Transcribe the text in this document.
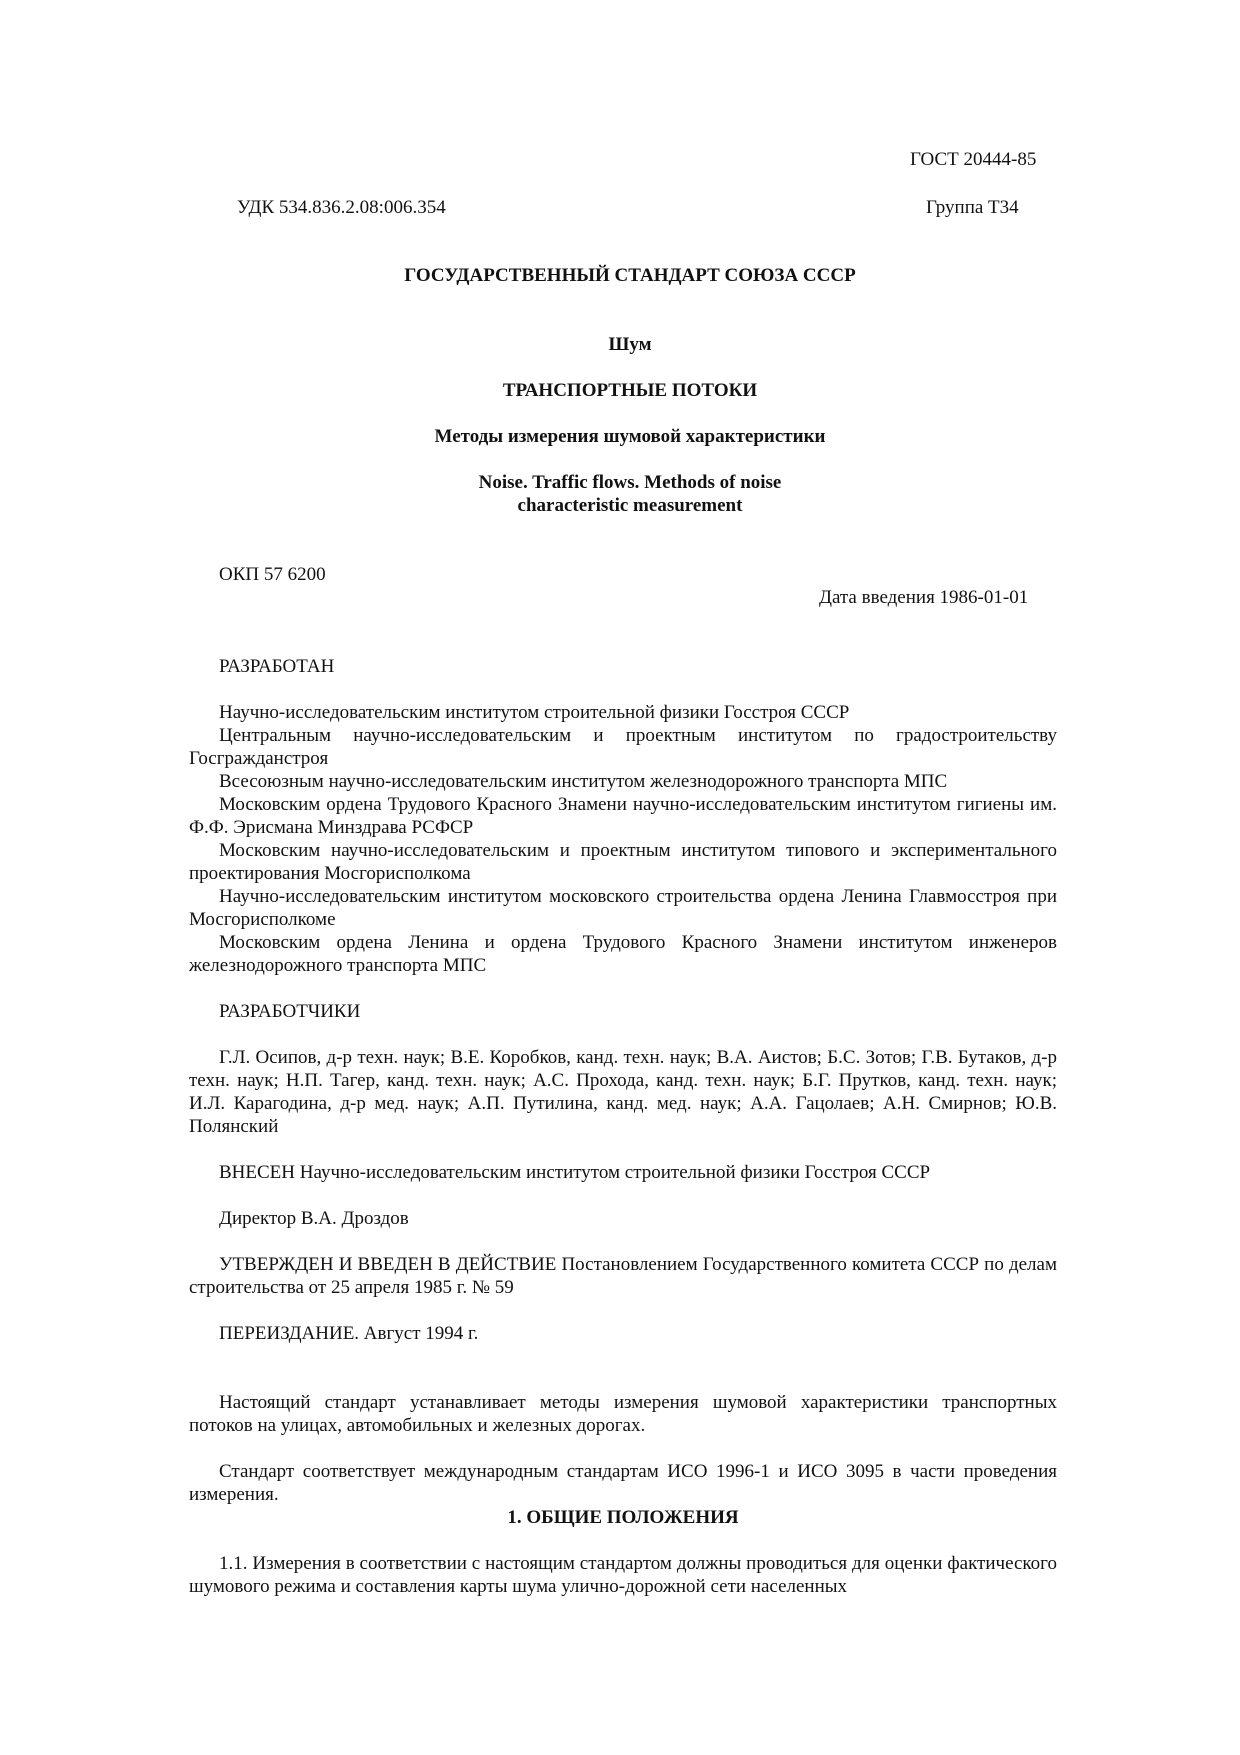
ГОСТ 20444-85

УДК 534.836.2.08:006.354	Группа Т34

ГОСУДАРСТВЕННЫЙ СТАНДАРТ СОЮЗА СССР

Шум

ТРАНСПОРТНЫЕ ПОТОКИ

Методы измерения шумовой характеристики

Noise. Traffic flows. Methods of noise

characteristic measurement

ОКП 57 6200

Дата введения 1986-01-01

РАЗРАБОТАН

Научно-исследовательским институтом строительной физики Госстроя СССР

Центральным научно-исследовательским и проектным институтом по градостроительству Госгражданстроя

Всесоюзным научно-исследовательским институтом железнодорожного транспорта МПС

Московским ордена Трудового Красного Знамени научно-исследовательским институтом гигиены им. Ф.Ф. Эрисмана Минздрава РСФСР

Московским научно-исследовательским и проектным институтом типового и экспериментального проектирования Мосгорисполкома

Научно-исследовательским институтом московского строительства ордена Ленина Главмосстроя при Мосгорисполкоме

Московским ордена Ленина и ордена Трудового Красного Знамени институтом инженеров железнодорожного транспорта МПС

РАЗРАБОТЧИКИ

Г.Л. Осипов, д-р техн. наук; В.Е. Коробков, канд. техн. наук; В.А. Аистов; Б.С. Зотов; Г.В. Бутаков, д-р техн. наук; Н.П. Тагер, канд. техн. наук; А.С. Прохода, канд. техн. наук; Б.Г. Прутков, канд. техн. наук; И.Л. Карагодина, д-р мед. наук; А.П. Путилина, канд. мед. наук; А.А. Гацолаев; А.Н. Смирнов; Ю.В. Полянский

ВНЕСЕН Научно-исследовательским институтом строительной физики Госстроя СССР

Директор В.А. Дроздов

УТВЕРЖДЕН И ВВЕДЕН В ДЕЙСТВИЕ Постановлением Государственного комитета СССР по делам строительства от 25 апреля 1985 г. № 59

ПЕРЕИЗДАНИЕ. Август 1994 г.

Настоящий стандарт устанавливает методы измерения шумовой характеристики транспортных потоков на улицах, автомобильных и железных дорогах.

Стандарт соответствует международным стандартам ИСО 1996-1 и ИСО 3095 в части проведения измерения.

1. ОБЩИЕ ПОЛОЖЕНИЯ

1.1. Измерения в соответствии с настоящим стандартом должны проводиться для оценки фактического шумового режима и составления карты шума улично-дорожной сети населенных
